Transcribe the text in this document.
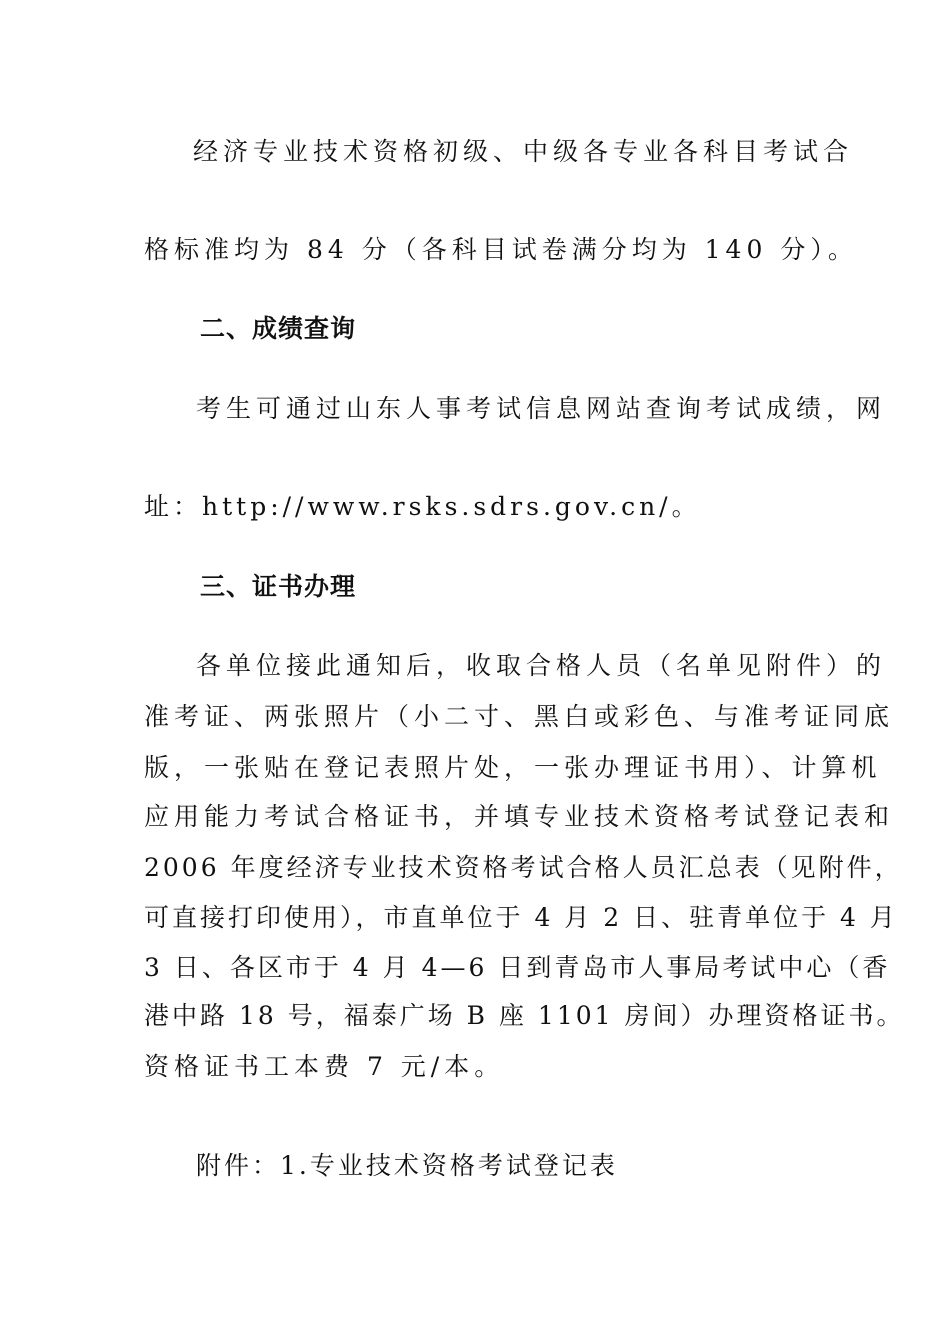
经济专业技术资格初级、中级各专业各科目考试合
格标准均为 84 分（各科目试卷满分均为 140 分）。
二、成绩查询
考生可通过山东人事考试信息网站查询考试成绩，网
址：http://www.rsks.sdrs.gov.cn/。
三、证书办理
各单位接此通知后，收取合格人员（名单见附件）的
准考证、两张照片（小二寸、黑白或彩色、与准考证同底
版，一张贴在登记表照片处，一张办理证书用）、计算机
应用能力考试合格证书，并填专业技术资格考试登记表和
2006 年度经济专业技术资格考试合格人员汇总表（见附件，
可直接打印使用），市直单位于 4 月 2 日、驻青单位于 4 月
3 日、各区市于 4 月 4—6 日到青岛市人事局考试中心（香
港中路 18 号，福泰广场 B 座 1101 房间）办理资格证书。
资格证书工本费 7 元/本。
附件：1.专业技术资格考试登记表
